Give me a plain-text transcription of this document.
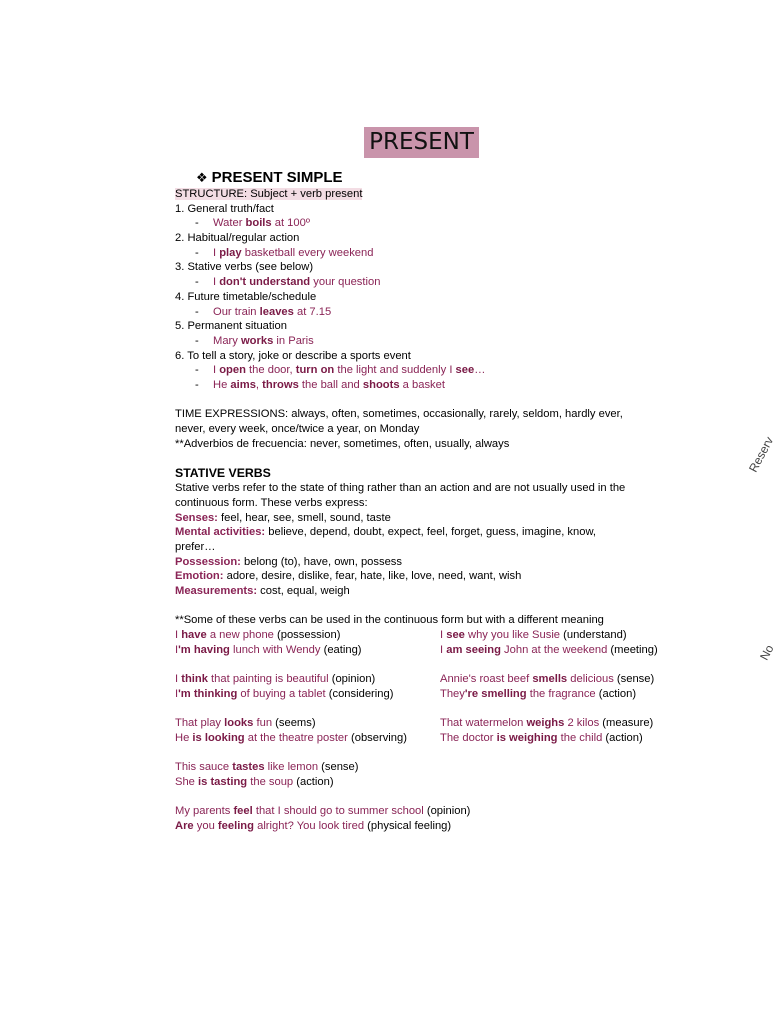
PRESENT
❖ PRESENT SIMPLE
STRUCTURE: Subject + verb present
1. General truth/fact
- Water boils at 100º
2. Habitual/regular action
- I play basketball every weekend
3. Stative verbs (see below)
- I don't understand your question
4. Future timetable/schedule
- Our train leaves at 7.15
5. Permanent situation
- Mary works in Paris
6. To tell a story, joke or describe a sports event
- I open the door, turn on the light and suddenly I see…
- He aims, throws the ball and shoots a basket
TIME EXPRESSIONS: always, often, sometimes, occasionally, rarely, seldom, hardly ever, never, every week, once/twice a year, on Monday
**Adverbios de frecuencia: never, sometimes, often, usually, always
STATIVE VERBS
Stative verbs refer to the state of thing rather than an action and are not usually used in the continuous form. These verbs express:
Senses: feel, hear, see, smell, sound, taste
Mental activities: believe, depend, doubt, expect, feel, forget, guess, imagine, know, prefer…
Possession: belong (to), have, own, possess
Emotion: adore, desire, dislike, fear, hate, like, love, need, want, wish
Measurements: cost, equal, weigh
**Some of these verbs can be used in the continuous form but with a different meaning
I have a new phone (possession)	I see why you like Susie (understand)
I'm having lunch with Wendy (eating)	I am seeing John at the weekend (meeting)
I think that painting is beautiful (opinion)	Annie's roast beef smells delicious (sense)
I'm thinking of buying a tablet (considering)	They're smelling the fragrance (action)
That play looks fun (seems)	That watermelon weighs 2 kilos (measure)
He is looking at the theatre poster (observing)	The doctor is weighing the child (action)
This sauce tastes like lemon (sense)
She is tasting the soup (action)
My parents feel that I should go to summer school (opinion)
Are you feeling alright? You look tired (physical feeling)
Reserv
No
